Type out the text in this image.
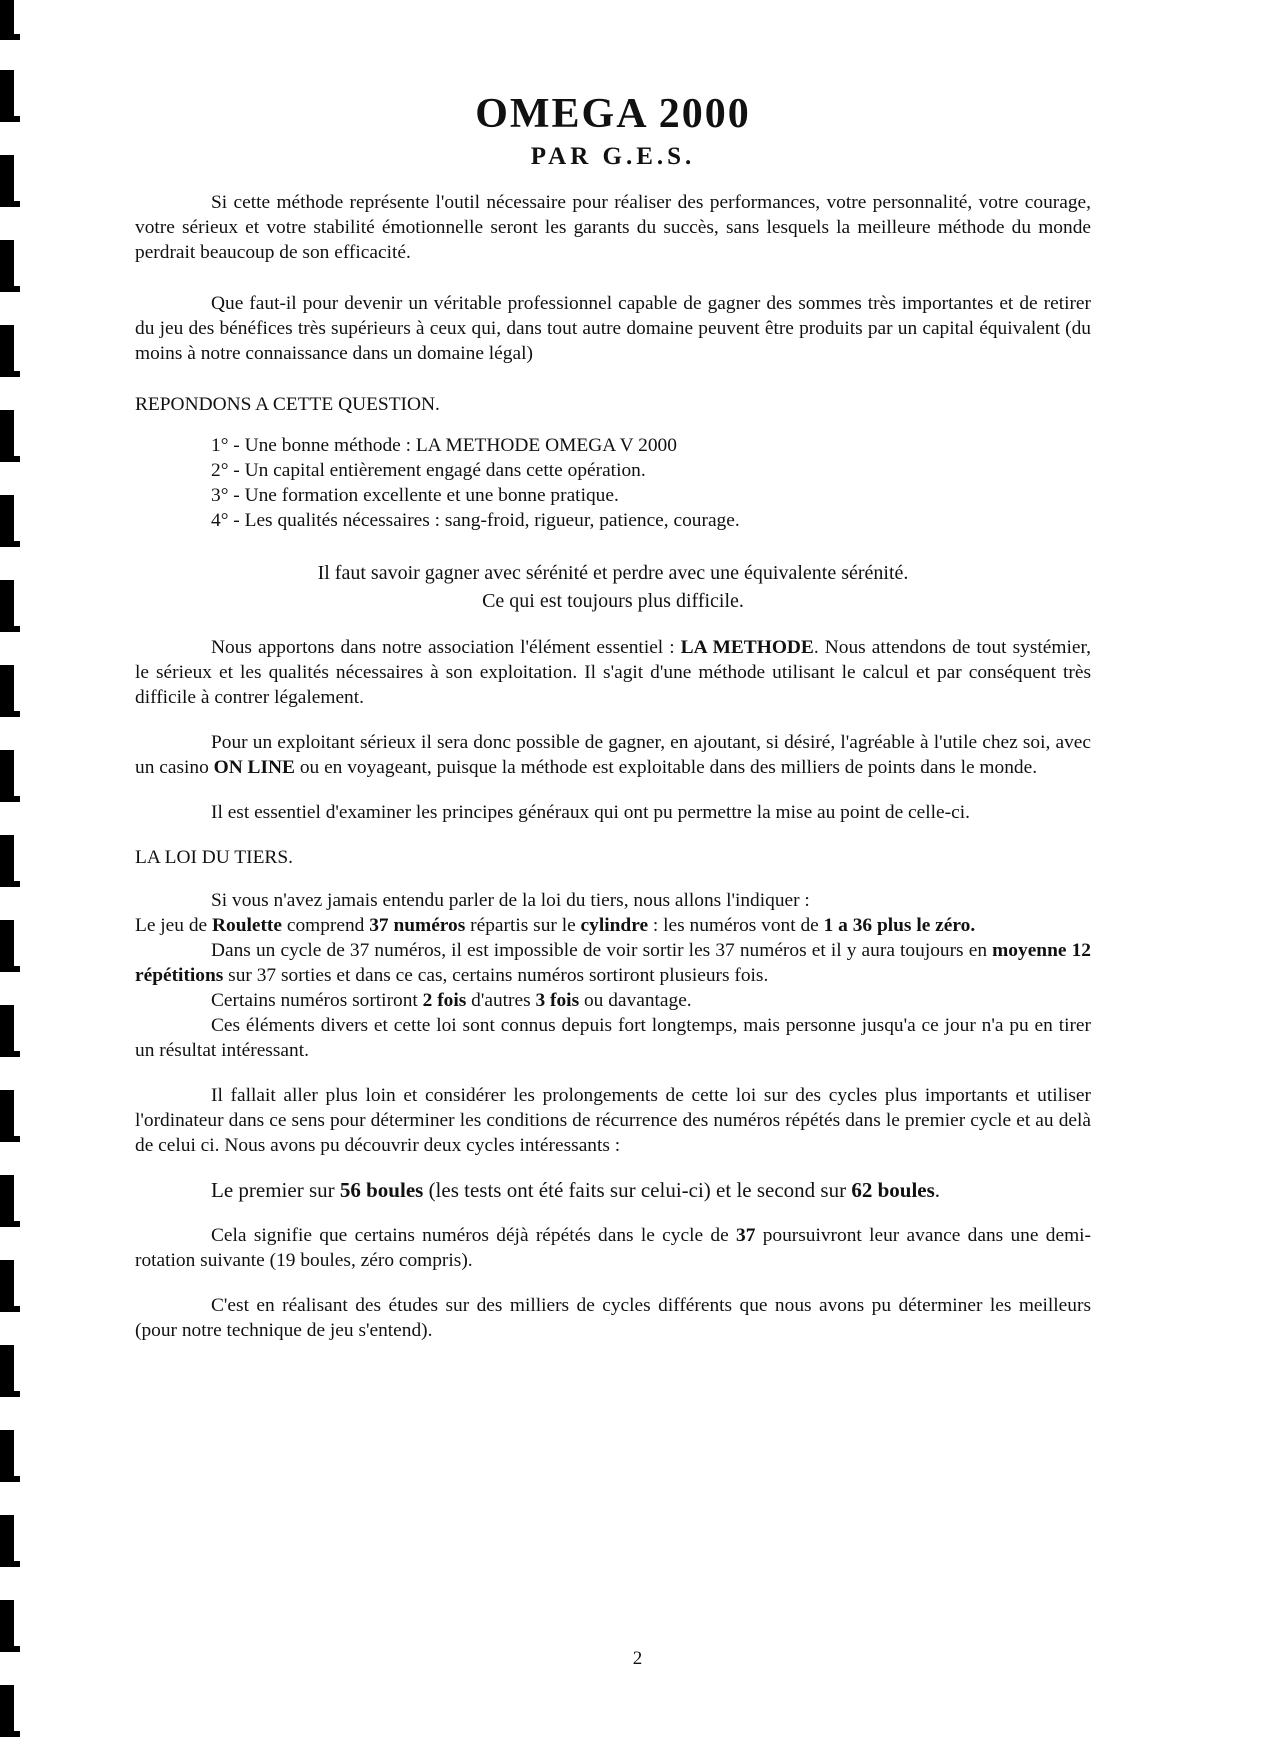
OMEGA 2000
PAR G.E.S.

Si cette méthode représente l'outil nécessaire pour réaliser des performances, votre personnalité, votre courage, votre sérieux et votre stabilité émotionnelle seront les garants du succès, sans lesquels la meilleure méthode du monde perdrait beaucoup de son efficacité.

Que faut-il pour devenir un véritable professionnel capable de gagner des sommes très importantes et de retirer du jeu des bénéfices très supérieurs à ceux qui, dans tout autre domaine peuvent être produits par un capital équivalent (du moins à notre connaissance dans un domaine légal)

REPONDONS A CETTE QUESTION.

1° - Une bonne méthode : LA METHODE OMEGA V 2000
2° - Un capital entièrement engagé dans cette opération.
3° - Une formation excellente et une bonne pratique.
4° - Les qualités nécessaires : sang-froid, rigueur, patience, courage.
Il faut savoir gagner avec sérénité et perdre avec une équivalente sérénité.
Ce qui est toujours plus difficile.

Nous apportons dans notre association l'élément essentiel : LA METHODE. Nous attendons de tout systémier, le sérieux et les qualités nécessaires à son exploitation. Il s'agit d'une méthode utilisant le calcul et par conséquent très difficile à contrer légalement.

Pour un exploitant sérieux il sera donc possible de gagner, en ajoutant, si désiré, l'agréable à l'utile chez soi, avec un casino ON LINE ou en voyageant, puisque la méthode est exploitable dans des milliers de points dans le monde.

Il est essentiel d'examiner les principes généraux qui ont pu permettre la mise au point de celle-ci.

LA LOI DU TIERS.

Si vous n'avez jamais entendu parler de la loi du tiers, nous allons l'indiquer :

Le jeu de Roulette comprend 37 numéros répartis sur le cylindre : les numéros vont de 1 a 36 plus le zéro.

Dans un cycle de 37 numéros, il est impossible de voir sortir les 37 numéros et il y aura toujours en moyenne 12 répétitions sur 37 sorties et dans ce cas, certains numéros sortiront plusieurs fois.

Certains numéros sortiront 2 fois d'autres 3 fois ou davantage.

Ces éléments divers et cette loi sont connus depuis fort longtemps, mais personne jusqu'a ce jour n'a pu en tirer un résultat intéressant.

Il fallait aller plus loin et considérer les prolongements de cette loi sur des cycles plus importants et utiliser l'ordinateur dans ce sens pour déterminer les conditions de récurrence des numéros répétés dans le premier cycle et au delà de celui ci. Nous avons pu découvrir deux cycles intéressants :

Le premier sur 56 boules (les tests ont été faits sur celui-ci) et le second sur 62 boules.

Cela signifie que certains numéros déjà répétés dans le cycle de 37 poursuivront leur avance dans une demi-rotation suivante (19 boules, zéro compris).

C'est en réalisant des études sur des milliers de cycles différents que nous avons pu déterminer les meilleurs (pour notre technique de jeu s'entend).

2
